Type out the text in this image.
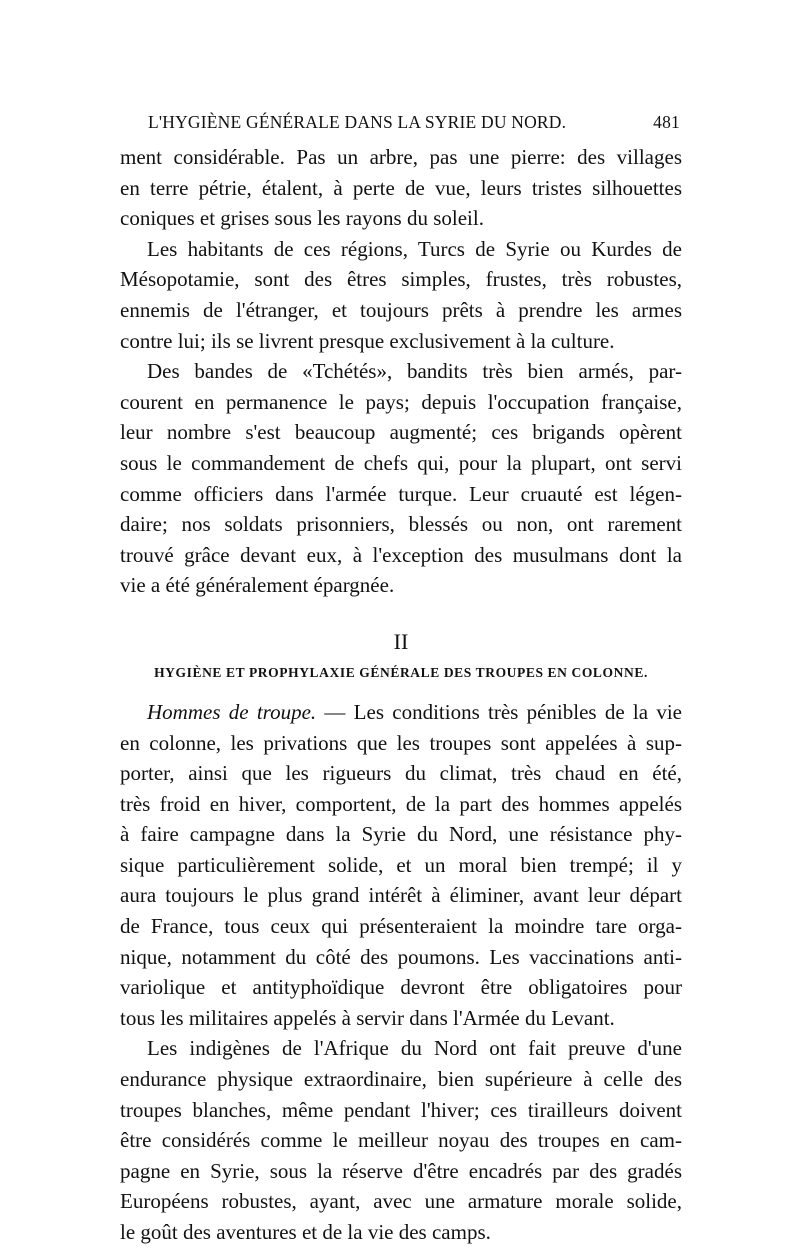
L'HYGIÈNE GÉNÉRALE DANS LA SYRIE DU NORD.	481
ment considérable. Pas un arbre, pas une pierre: des villages
en terre pétrie, étalent, à perte de vue, leurs tristes silhouettes
coniques et grises sous les rayons du soleil.
Les habitants de ces régions, Turcs de Syrie ou Kurdes de
Mésopotamie, sont des êtres simples, frustes, très robustes,
ennemis de l'étranger, et toujours prêts à prendre les armes
contre lui; ils se livrent presque exclusivement à la culture.
Des bandes de «Tchétés», bandits très bien armés, par-
courent en permanence le pays; depuis l'occupation française,
leur nombre s'est beaucoup augmenté; ces brigands opèrent
sous le commandement de chefs qui, pour la plupart, ont servi
comme officiers dans l'armée turque. Leur cruauté est légen-
daire; nos soldats prisonniers, blessés ou non, ont rarement
trouvé grâce devant eux, à l'exception des musulmans dont la
vie a été généralement épargnée.
II
HYGIÈNE ET PROPHYLAXIE GÉNÉRALE DES TROUPES EN COLONNE.
Hommes de troupe. — Les conditions très pénibles de la vie
en colonne, les privations que les troupes sont appelées à sup-
porter, ainsi que les rigueurs du climat, très chaud en été,
très froid en hiver, comportent, de la part des hommes appelés
à faire campagne dans la Syrie du Nord, une résistance phy-
sique particulièrement solide, et un moral bien trempé; il y
aura toujours le plus grand intérêt à éliminer, avant leur départ
de France, tous ceux qui présenteraient la moindre tare orga-
nique, notamment du côté des poumons. Les vaccinations anti-
variolique et antityphoïdique devront être obligatoires pour
tous les militaires appelés à servir dans l'Armée du Levant.
Les indigènes de l'Afrique du Nord ont fait preuve d'une
endurance physique extraordinaire, bien supérieure à celle des
troupes blanches, même pendant l'hiver; ces tirailleurs doivent
être considérés comme le meilleur noyau des troupes en cam-
pagne en Syrie, sous la réserve d'être encadrés par des gradés
Européens robustes, ayant, avec une armature morale solide,
le goût des aventures et de la vie des camps.
